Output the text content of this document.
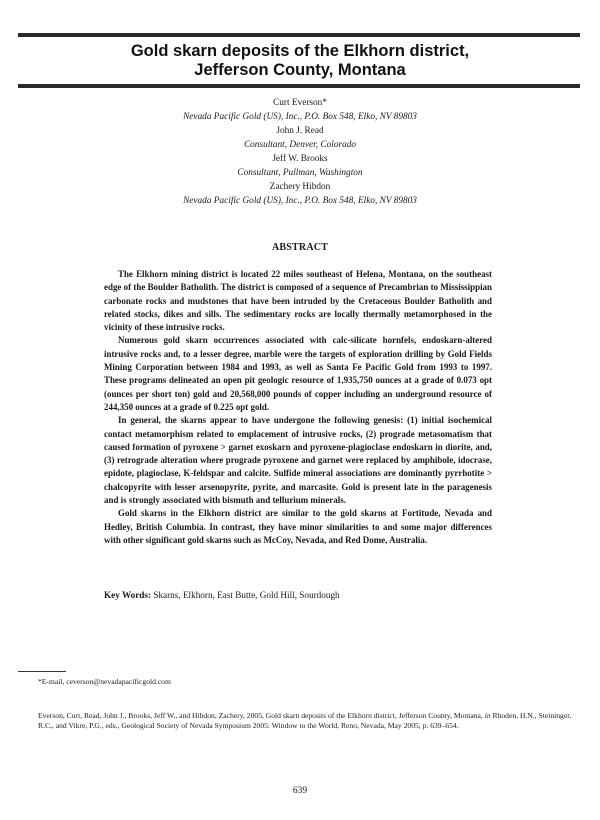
Gold skarn deposits of the Elkhorn district,
Jefferson County, Montana
Curt Everson*
Nevada Pacific Gold (US), Inc., P.O. Box 548, Elko, NV 89803
John J. Read
Consultant, Denver, Colorado
Jeff W. Brooks
Consultant, Pullman, Washington
Zachery Hibdon
Nevada Pacific Gold (US), Inc., P.O. Box 548, Elko, NV 89803
ABSTRACT

The Elkhorn mining district is located 22 miles southeast of Helena, Montana, on the southeast edge of the Boulder Batholith. The district is composed of a sequence of Precambrian to Mississippian carbonate rocks and mudstones that have been intruded by the Cretaceous Boulder Batholith and related stocks, dikes and sills. The sedimentary rocks are locally thermally metamorphosed in the vicinity of these intrusive rocks.

Numerous gold skarn occurrences associated with calc-silicate hornfels, endoskarn-altered intrusive rocks and, to a lesser degree, marble were the targets of exploration drilling by Gold Fields Mining Corporation between 1984 and 1993, as well as Santa Fe Pacific Gold from 1993 to 1997. These programs delineated an open pit geologic resource of 1,935,750 ounces at a grade of 0.073 opt (ounces per short ton) gold and 20,568,000 pounds of copper including an underground resource of 244,350 ounces at a grade of 0.225 opt gold.

In general, the skarns appear to have undergone the following genesis: (1) initial isochemical contact metamorphism related to emplacement of intrusive rocks, (2) prograde metasomatism that caused formation of pyroxene > garnet exoskarn and pyroxene-plagioclase endoskarn in diorite, and, (3) retrograde alteration where prograde pyroxene and garnet were replaced by amphibole, idocrase, epidote, plagioclase, K-feldspar and calcite. Sulfide mineral associations are dominantly pyrrhotite > chalcopyrite with lesser arsenopyrite, pyrite, and marcasite. Gold is present late in the paragenesis and is strongly associated with bismuth and tellurium minerals.

Gold skarns in the Elkhorn district are similar to the gold skarns at Fortitude, Nevada and Hedley, British Columbia. In contrast, they have minor similarities to and some major differences with other significant gold skarns such as McCoy, Nevada, and Red Dome, Australia.

Key Words: Skarns, Elkhorn, East Butte, Gold Hill, Sourdough
*E-mail, ceverson@nevadapacificgold.com
Everson, Curt, Read, John J., Brooks, Jeff W., and Hibdon, Zachery, 2005, Gold skarn deposits of the Elkhorn district, Jefferson County, Montana, in Rhoden, H.N., Steininger, R.C., and Vikre, P.G., eds., Geological Society of Nevada Symposium 2005: Window to the World, Reno, Nevada, May 2005, p. 639–654.
639
